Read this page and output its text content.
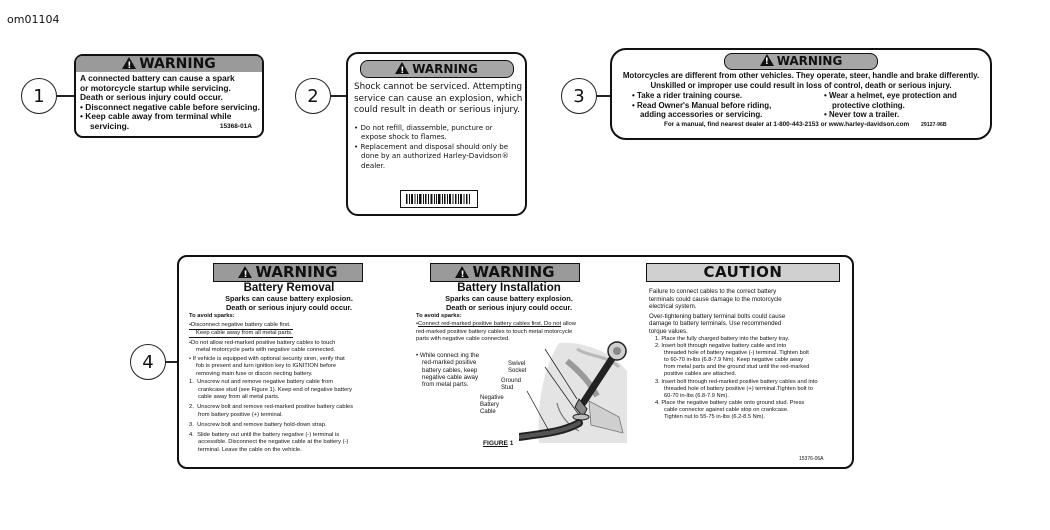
om01104
1
!WARNING

A connected battery can cause a spark

or motorcycle startup while servicing.

Death or serious injury could occur.

• Disconnect negative cable before servicing.

• Keep cable away from terminal while

servicing.	15368-01A

2
!WARNING

Shock cannot be serviced. Attempting

service can cause an explosion, which

could result in death or serious injury.

• Do not refill, diassemble, puncture or

expose shock to flames.

• Replacement and disposal should only be

done by an authorized Harley-Davidson®

dealer.

3
!WARNING

Motorcycles are different from other vehicles. They operate, steer, handle and brake differently.

Unskilled or improper use could result in loss of control, death or serious injury.

• Take a rider training course.

• Read Owner's Manual before riding,

adding accessories or servicing.

• Wear a helmet, eye protection and

protective clothing.

• Never tow a trailer.

For a manual, find nearest dealer at 1-800-443-2153 or www.harley-davidson.com 29127-96B
4
!WARNING

Battery Removal

Sparks can cause battery explosion.

Death or serious injury could occur.

To avoid sparks:

•Disconnect negative battery cable first.

Keep cable away from all metal parts.

•Do not allow red-marked positive battery cables to touch

metal motorcycle parts with negative cable connected.

• If vehicle is equipped with optional security siren, verify that

fob is present and turn ignition key to IGNITION before

removing main fuse or discon necting battery.

1. Unscrew nut and remove negative battery cable from

crankcase stud (see Figure 1). Keep end of negative battery

cable away from all metal parts.

2. Unscrew bolt and remove red-marked positive battery cables

from battery positive (+) terminal.

3. Unscrew bolt and remove battery hold-down strap.

4. Slide battery out until the battery negative (-) terminal is

accessible. Disconnect the negative cable at the battery (-)

terminal. Leave the cable on the vehicle.

!WARNING

Battery Installation

Sparks can cause battery explosion.

Death or serious injury could occur.

To avoid sparks:

•Connect red-marked positive battery cables first. Do not allow

red-marked positive battery cables to touch metal motorcycle

parts with negative cable connected.

• While connect ing the

red-marked positive

battery cables, keep

negative cable away

from metal parts.

Swivel

Socket

Ground

Stud

Negative

Battery

Cable

FIGURE 1
CAUTION

Failure to connect cables to the correct battery

terminals could cause damage to the motorcycle

electrical system.

Over-tightening battery terminal bolts could cause

damage to battery terminals. Use recommended

torque values.

1. Place the fully charged battery into the battery tray.

2. Insert bolt through negative battery cable and into

threaded hole of battery negative (-) terminal. Tighten bolt

to 60-70 in-lbs (6.8-7.9 Nm). Keep negative cable away

from metal parts and the ground stud until the red-marked

positive cables are attached.

3. Insert bolt through red-marked positive battery cables and into

threaded hole of battery positive (+) terminal.Tighten bolt to

60-70 in-lbs (6.8-7.9 Nm).

4. Place the negative battery cable onto ground stud. Press

cable connector against cable stop on crankcase.

Tighten nut to 55-75 in-lbs (6.2-8.5 Nm).

15376-06A
